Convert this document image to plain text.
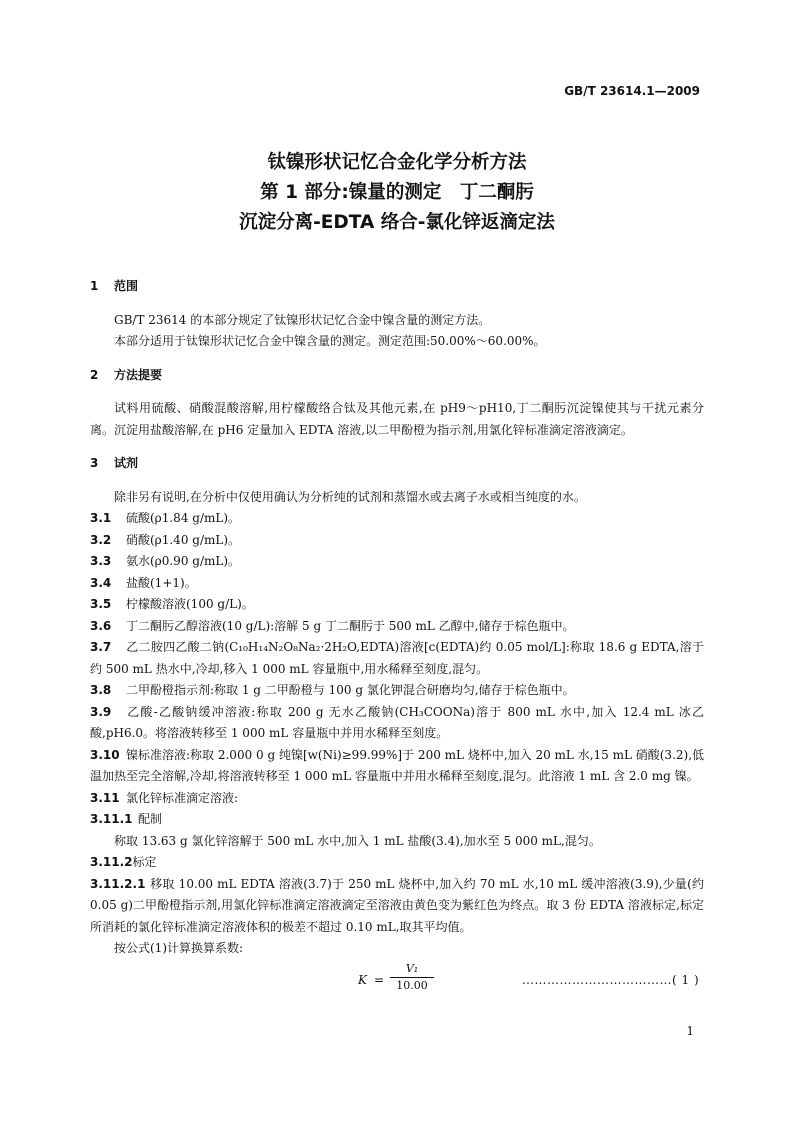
GB/T 23614.1—2009
钛镍形状记忆合金化学分析方法
第 1 部分:镍量的测定　丁二酮肟
沉淀分离-EDTA 络合-氯化锌返滴定法

1 范围

GB/T 23614 的本部分规定了钛镍形状记忆合金中镍含量的测定方法。

本部分适用于钛镍形状记忆合金中镍含量的测定。测定范围:50.00%～60.00%。

2 方法提要

试料用硫酸、硝酸混酸溶解,用柠檬酸络合钛及其他元素,在 pH9～pH10,丁二酮肟沉淀镍使其与干扰元素分离。沉淀用盐酸溶解,在 pH6 定量加入 EDTA 溶液,以二甲酚橙为指示剂,用氯化锌标准滴定溶液滴定。

3 试剂

除非另有说明,在分析中仅使用确认为分析纯的试剂和蒸馏水或去离子水或相当纯度的水。

3.1 硫酸(ρ1.84 g/mL)。

3.2 硝酸(ρ1.40 g/mL)。

3.3 氨水(ρ0.90 g/mL)。

3.4 盐酸(1+1)。

3.5 柠檬酸溶液(100 g/L)。

3.6 丁二酮肟乙醇溶液(10 g/L):溶解 5 g 丁二酮肟于 500 mL 乙醇中,储存于棕色瓶中。

3.7 乙二胺四乙酸二钠(C₁₀H₁₄N₂O₈Na₂·2H₂O,EDTA)溶液[c(EDTA)约 0.05 mol/L]:称取 18.6 g EDTA,溶于约 500 mL 热水中,冷却,移入 1 000 mL 容量瓶中,用水稀释至刻度,混匀。

3.8 二甲酚橙指示剂:称取 1 g 二甲酚橙与 100 g 氯化钾混合研磨均匀,储存于棕色瓶中。

3.9 乙酸-乙酸钠缓冲溶液:称取 200 g 无水乙酸钠(CH₃COONa)溶于 800 mL 水中,加入 12.4 mL 冰乙酸,pH6.0。将溶液转移至 1 000 mL 容量瓶中并用水稀释至刻度。

3.10 镍标准溶液:称取 2.000 0 g 纯镍[w(Ni)≥99.99%]于 200 mL 烧杯中,加入 20 mL 水,15 mL 硝酸(3.2),低温加热至完全溶解,冷却,将溶液转移至 1 000 mL 容量瓶中并用水稀释至刻度,混匀。此溶液 1 mL 含 2.0 mg 镍。

3.11 氯化锌标准滴定溶液:

3.11.1 配制

称取 13.63 g 氯化锌溶解于 500 mL 水中,加入 1 mL 盐酸(3.4),加水至 5 000 mL,混匀。

3.11.2标定

3.11.2.1 移取 10.00 mL EDTA 溶液(3.7)于 250 mL 烧杯中,加入约 70 mL 水,10 mL 缓冲溶液(3.9),少量(约 0.05 g)二甲酚橙指示剂,用氯化锌标准滴定溶液滴定至溶液由黄色变为紫红色为终点。取 3 份 EDTA 溶液标定,标定所消耗的氯化锌标准滴定溶液体积的极差不超过 0.10 mL,取其平均值。

按公式(1)计算换算系数:

K =
V₁
10.00	………………………………( 1 )
1
